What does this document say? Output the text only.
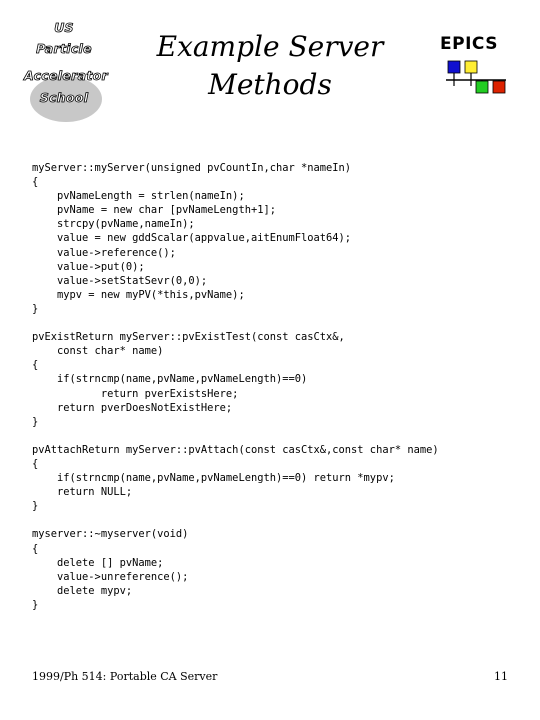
US
Particle
Accelerator
School
Example Server
Methods
EPICS
myServer::myServer(unsigned pvCountIn,char *nameIn)
{
pvNameLength = strlen(nameIn);
pvName = new char [pvNameLength+1];
strcpy(pvName,nameIn);
value = new gddScalar(appvalue,aitEnumFloat64);
value->reference();
value->put(0);
value->setStatSevr(0,0);
mypv = new myPV(*this,pvName);
}

pvExistReturn myServer::pvExistTest(const casCtx&,
const char* name)
{
if(strncmp(name,pvName,pvNameLength)==0)
return pverExistsHere;
return pverDoesNotExistHere;
}

pvAttachReturn myServer::pvAttach(const casCtx&,const char* name)
{
if(strncmp(name,pvName,pvNameLength)==0) return *mypv;
return NULL;
}

myserver::~myserver(void)
{
delete [] pvName;
value->unreference();
delete mypv;
}
1999/Ph 514: Portable CA Server	11
